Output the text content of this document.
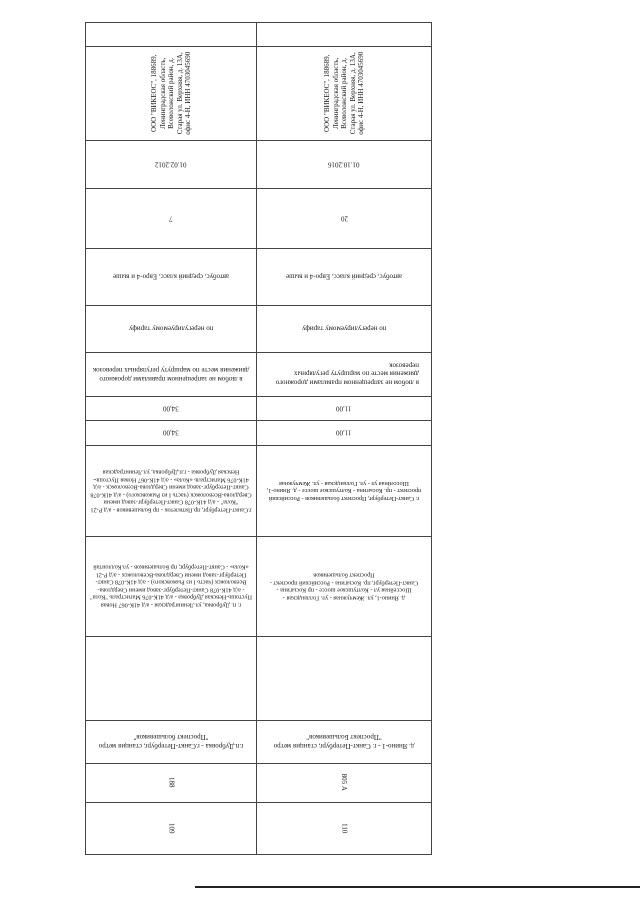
ООО "ВИКЕОС", 188689, Ленинградская область, Всеволожский район, д. Старая ул. Верхняя, д. 13А, офис 4-Н, ИНН 4703045690
01.02.2012
7
автобус, средний класс, Евро-4 и выше
по нерегулируемому тарифу
в любом не запрещенном правилами дорожного движения месте по маршруту регулярных перевозок
34,00
34,00
г.Санкт-Петербург, пр.Пятилеток - пр Большевиков - а/д Р-21 "Кола" - а/д 41К-078 Санкт-Петербург-завод имени Свердлова-Всеволожск (часть I из Рыжовского) - а/д 41К-078 Санкт-Петербург-завод имени Свердлова-Всеволожск - а/д 41К-076 Магистраль «Кола» - а/д 41К-067 Новая Пустошь-Невская Дубровка - г.п.Дубровка, ул.Ленинградская
г. п. Дубровка, ул.Ленинградская - а/д 41К-067 Новая Пустошь-Невская Дубровка - а/д 41К-076 Магистраль "Кола" - а/д 41К-078 Санкт-Петербург-завод имени Свердлова-Всеволожск (часть I из Рыжовского) - а/д 41К-078 Санкт-Петербург-завод имени Свердлова-Всеволожск - а/д Р-21 «Кола» - Санкт-Петербург, пр Большевиков - ул.Коллонтай
г.п.Дубровка - г.Санкт-Петербург, станция метро "Проспект большевиков"
188
109
ООО "ВИКЕОС", 188689, Ленинградская область, Всеволожский район, д. Старая ул. Верхняя, д. 13А, офис 4-Н, ИНН 4703045690
01.10.2016
20
автобус, средний класс, Евро-4 и выше
по нерегулируемому тарифу
в любом не запрещенном правилами дорожного движения месте по маршруту регулярных перевозок
11,00
11,00
г. Санкт-Петербург, Проспект большевиков - Российский проспект - пр. Косыгина - Колтушское шоссе - д. Янино-1, Шоссейная ул - ул. Голландская - ул. Жемчужная
д. Янино-1, ул. Жемчужная - ул. Голландская - Шоссейная ул - Колтушское шоссе - пр Косыгина - Санкт-Петербург, пр. Косыгина - Российский проспект - Проспект большевиков
д. Янино-1 - г. Санкт-Петербург, станция метро "Проспект Большевиков"
805 А
110
